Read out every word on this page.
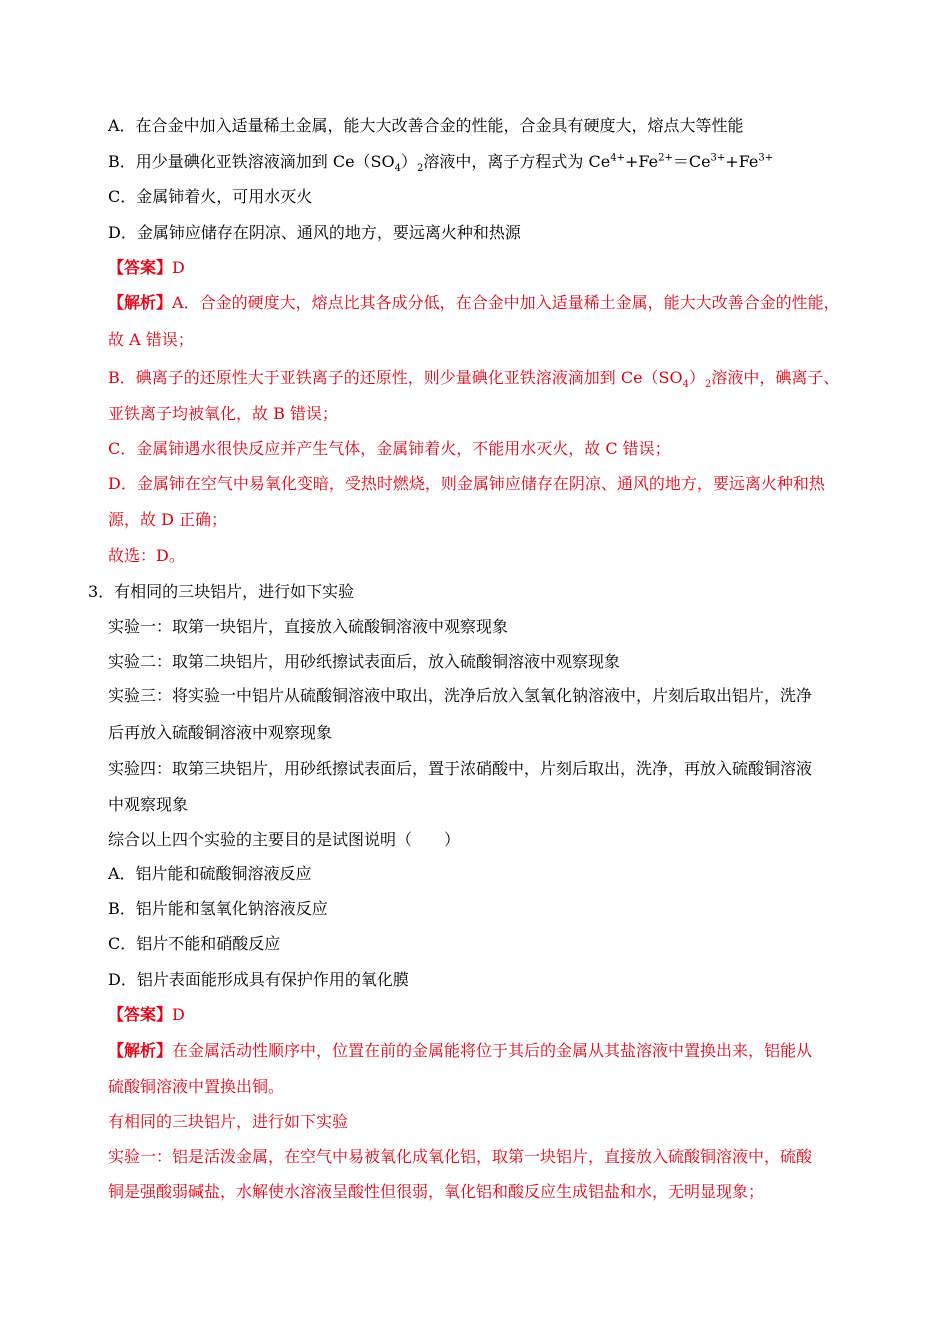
A．在合金中加入适量稀土金属，能大大改善合金的性能，合金具有硬度大，熔点大等性能
B．用少量碘化亚铁溶液滴加到 $Ce(SO_4)_2$溶液中，离子方程式为 $Ce^{4+}+Fe^{2+}=Ce^{3+}+Fe^{3+}$
C．金属铈着火，可用水灭火
D．金属铈应储存在阴凉、通风的地方，要远离火种和热源
【答案】D
【解析】A．合金的硬度大，熔点比其各成分低，在合金中加入适量稀土金属，能大大改善合金的性能，
故 A 错误；
B．碘离子的还原性大于亚铁离子的还原性，则少量碘化亚铁溶液滴加到 $Ce(SO_4)_2$溶液中，碘离子、
亚铁离子均被氧化，故 B 错误；
C．金属铈遇水很快反应并产生气体，金属铈着火，不能用水灭火，故 C 错误；
D．金属铈在空气中易氧化变暗，受热时燃烧，则金属铈应储存在阴凉、通风的地方，要远离火种和热
源，故 D 正确；
故选：D。
3．有相同的三块铝片，进行如下实验
实验一：取第一块铝片，直接放入硫酸铜溶液中观察现象
实验二：取第二块铝片，用砂纸擦试表面后，放入硫酸铜溶液中观察现象
实验三：将实验一中铝片从硫酸铜溶液中取出，洗净后放入氢氧化钠溶液中，片刻后取出铝片，洗净
后再放入硫酸铜溶液中观察现象
实验四：取第三块铝片，用砂纸擦试表面后，置于浓硝酸中，片刻后取出，洗净，再放入硫酸铜溶液
中观察现象
综合以上四个实验的主要目的是试图说明（　　）
A．铝片能和硫酸铜溶液反应
B．铝片能和氢氧化钠溶液反应
C．铝片不能和硝酸反应
D．铝片表面能形成具有保护作用的氧化膜
【答案】D
【解析】在金属活动性顺序中，位置在前的金属能将位于其后的金属从其盐溶液中置换出来，铝能从
硫酸铜溶液中置换出铜。
有相同的三块铝片，进行如下实验
实验一：铝是活泼金属，在空气中易被氧化成氧化铝，取第一块铝片，直接放入硫酸铜溶液中，硫酸
铜是强酸弱碱盐，水解使水溶液呈酸性但很弱，氧化铝和酸反应生成铝盐和水，无明显现象；
